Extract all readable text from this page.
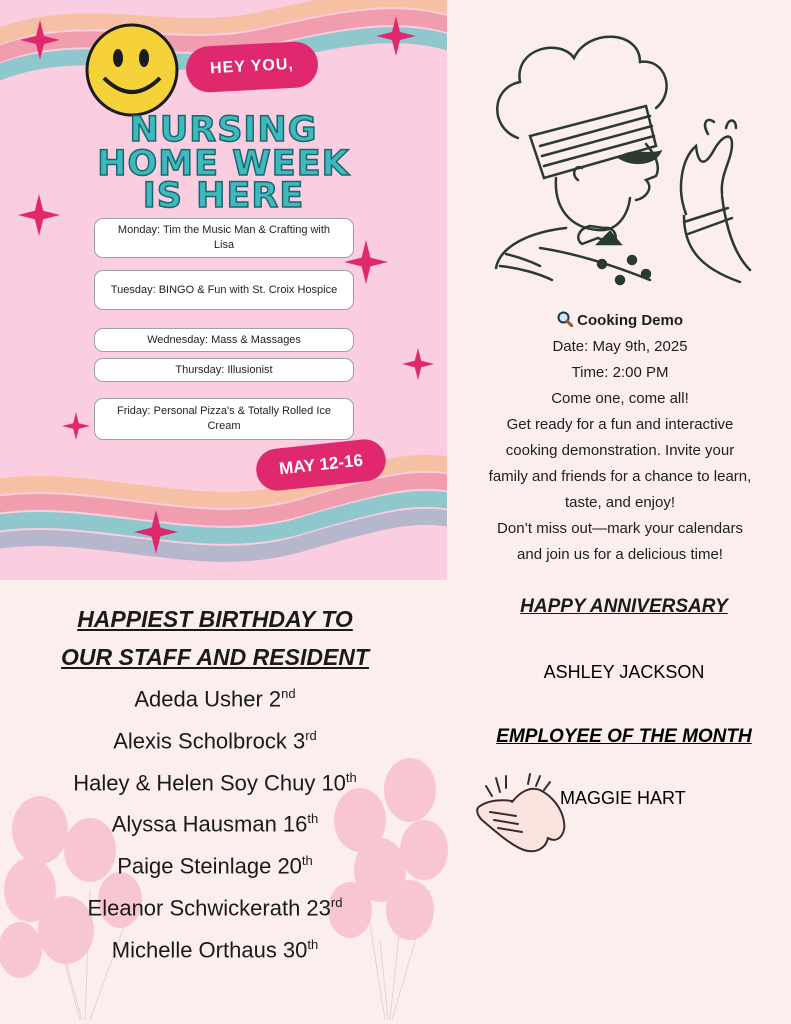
HEY YOU,
NURSING
HOME WEEK
IS HERE
Monday: Tim the Music Man & Crafting with Lisa
Tuesday: BINGO & Fun with St. Croix Hospice
Wednesday: Mass & Massages
Thursday: Illusionist
Friday: Personal Pizza's & Totally Rolled Ice Cream
MAY 12-16
Cooking Demo
Date: May 9th, 2025
Time: 2:00 PM
Come one, come all!
Get ready for a fun and interactive
cooking demonstration. Invite your
family and friends for a chance to learn,
taste, and enjoy!
Don’t miss out—mark your calendars
and join us for a delicious time!
HAPPIEST BIRTHDAY TO
OUR STAFF AND RESIDENT
Adeda Usher 2nd
Alexis Scholbrock 3rd
Haley & Helen Soy Chuy 10th
Alyssa Hausman 16th
Paige Steinlage 20th
Eleanor Schwickerath 23rd
Michelle Orthaus 30th
HAPPY ANNIVERSARY
ASHLEY JACKSON
EMPLOYEE OF THE MONTH
MAGGIE HART
